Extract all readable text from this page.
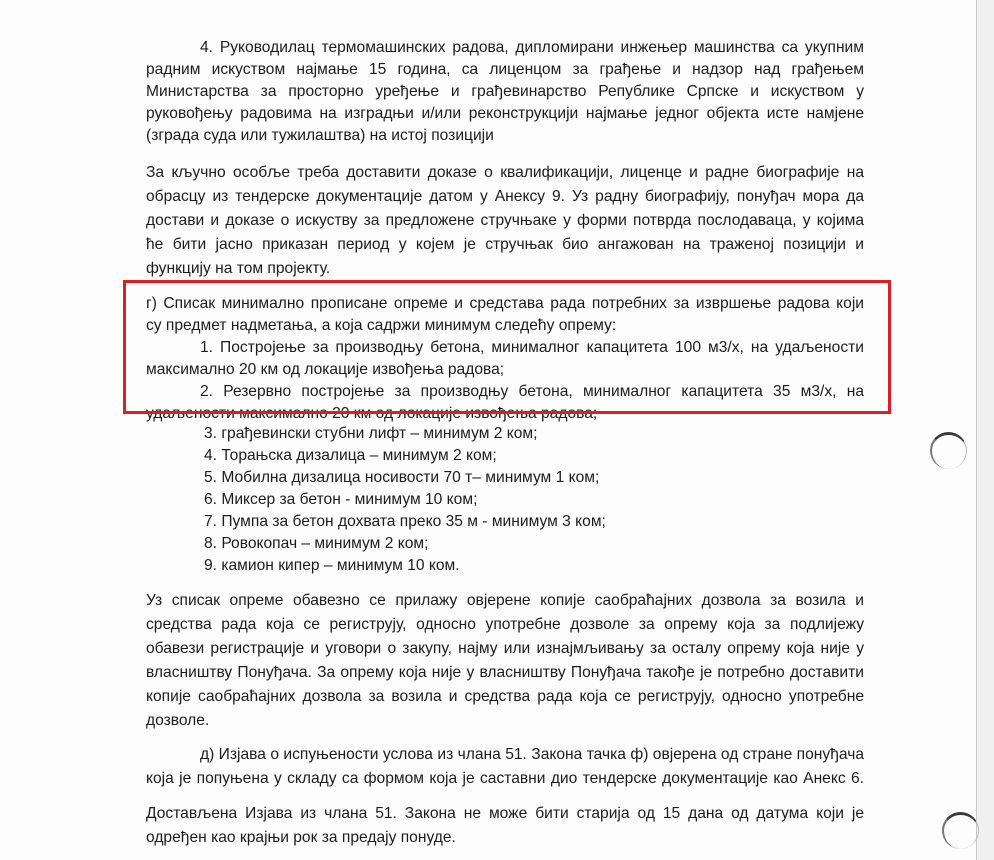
4. Руководилац термомашинских радова, дипломирани инжењер машинства са укупним
радним искуством најмање 15 година, са лиценцом за грађење и надзор над грађењем
Министарства за просторно уређење и грађевинарство Републике Српске и искуством у
руковођењу радовима на изградњи и/или реконструкцији најмање једног објекта исте намјене
(зграда суда или тужилаштва) на истој позицији
За кључно особље треба доставити доказе о квалификацији, лиценце и радне биографије на
обрасцу из тендерске документације датом у Анексу 9. Уз радну биографију, понуђач мора да
достави и доказе о искуству за предложене стручњаке у форми потврда послодаваца, у којима
ће бити јасно приказан период у којем је стручњак био ангажован на траженој позицији и
функцију на том пројекту.
г) Списак минимално прописане опреме и средстава рада потребних за извршење радова који
су предмет надметања, а која садржи минимум следећу опрему:
1. Постројење за производњу бетона, минималног капацитета 100 м3/х, на удаљености
максимално 20 км од локације извођења радова;
2. Резервно постројење за производњу бетона, минималног капацитета 35 м3/х, на
удаљености максимално 20 км од локације извођења радова;
3. грађевински стубни лифт – минимум 2 ком;
4. Торањска дизалица – минимум 2 ком;
5. Мобилна дизалица носивости 70 т– минимум 1 ком;
6. Миксер за бетон - минимум 10 ком;
7. Пумпа за бетон дохвата преко 35 м - минимум 3 ком;
8. Ровокопач – минимум 2 ком;
9. камион кипер – минимум 10 ком.
Уз списак опреме обавезно се прилажу овјерене копије саобраћајних дозвола за возила и
средства рада која се региструју, односно употребне дозволе за опрему која за подлијежу
обавези регистрације и уговори о закупу, најму или изнајмљивању за осталу опрему која није у
власништву Понуђача. За опрему која није у власништву Понуђача такође је потребно доставити
копије саобраћајних дозвола за возила и средства рада која се региструју, односно употребне
дозволе.
д) Изјава о испуњености услова из члана 51. Закона тачка ф) овјерена од стране понуђача
која је попуњена у складу са формом која је саставни дио тендерске документације као Анекс 6.
Достављена Изјава из члана 51. Закона не може бити старија од 15 дана од датума који је
одређен као крајњи рок за предају понуде.
